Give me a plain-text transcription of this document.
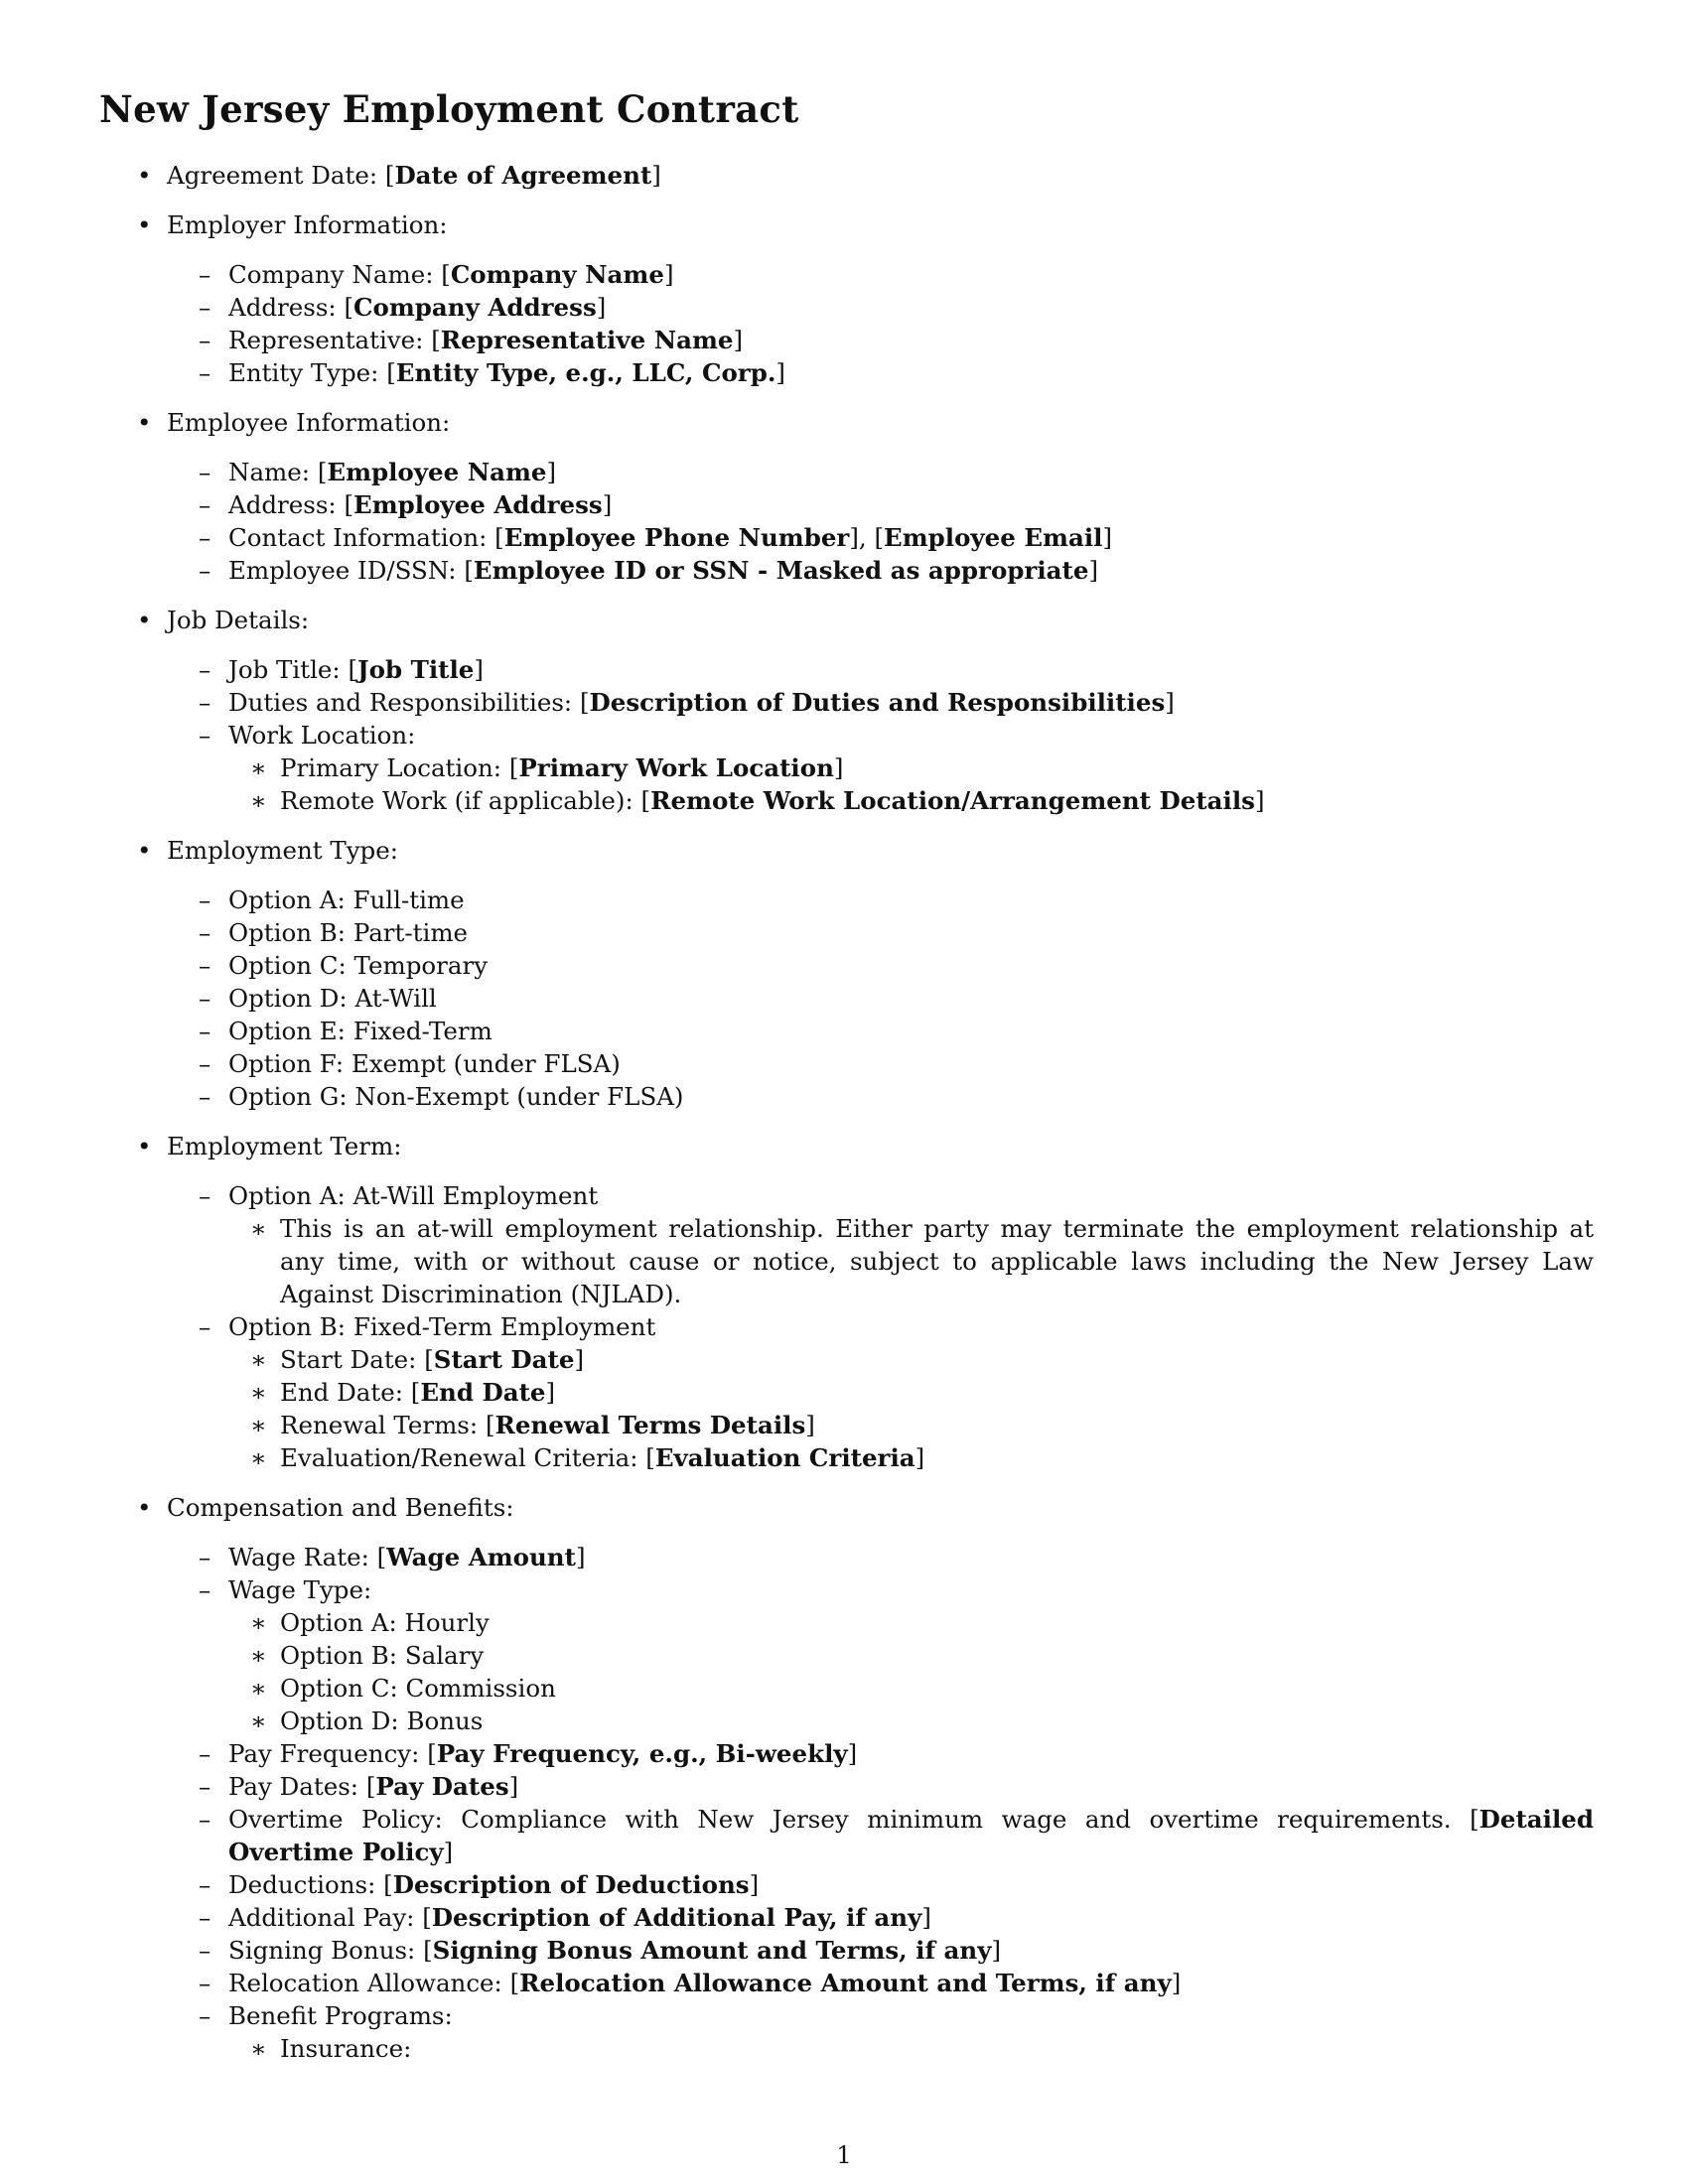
New Jersey Employment Contract
• Agreement Date: [Date of Agreement]
• Employer Information:
– Company Name: [Company Name]
– Address: [Company Address]
– Representative: [Representative Name]
– Entity Type: [Entity Type, e.g., LLC, Corp.]
• Employee Information:
– Name: [Employee Name]
– Address: [Employee Address]
– Contact Information: [Employee Phone Number], [Employee Email]
– Employee ID/SSN: [Employee ID or SSN - Masked as appropriate]
• Job Details:
– Job Title: [Job Title]
– Duties and Responsibilities: [Description of Duties and Responsibilities]
– Work Location:
∗ Primary Location: [Primary Work Location]
∗ Remote Work (if applicable): [Remote Work Location/Arrangement Details]
• Employment Type:
– Option A: Full-time
– Option B: Part-time
– Option C: Temporary
– Option D: At-Will
– Option E: Fixed-Term
– Option F: Exempt (under FLSA)
– Option G: Non-Exempt (under FLSA)
• Employment Term:
– Option A: At-Will Employment
∗ This is an at-will employment relationship. Either party may terminate the employment relationship at any time, with or without cause or notice, subject to applicable laws including the New Jersey Law Against Discrimination (NJLAD).
– Option B: Fixed-Term Employment
∗ Start Date: [Start Date]
∗ End Date: [End Date]
∗ Renewal Terms: [Renewal Terms Details]
∗ Evaluation/Renewal Criteria: [Evaluation Criteria]
• Compensation and Benefits:
– Wage Rate: [Wage Amount]
– Wage Type:
∗ Option A: Hourly
∗ Option B: Salary
∗ Option C: Commission
∗ Option D: Bonus
– Pay Frequency: [Pay Frequency, e.g., Bi-weekly]
– Pay Dates: [Pay Dates]
– Overtime Policy: Compliance with New Jersey minimum wage and overtime requirements. [Detailed Overtime Policy]
– Deductions: [Description of Deductions]
– Additional Pay: [Description of Additional Pay, if any]
– Signing Bonus: [Signing Bonus Amount and Terms, if any]
– Relocation Allowance: [Relocation Allowance Amount and Terms, if any]
– Benefit Programs:
∗ Insurance:
1
